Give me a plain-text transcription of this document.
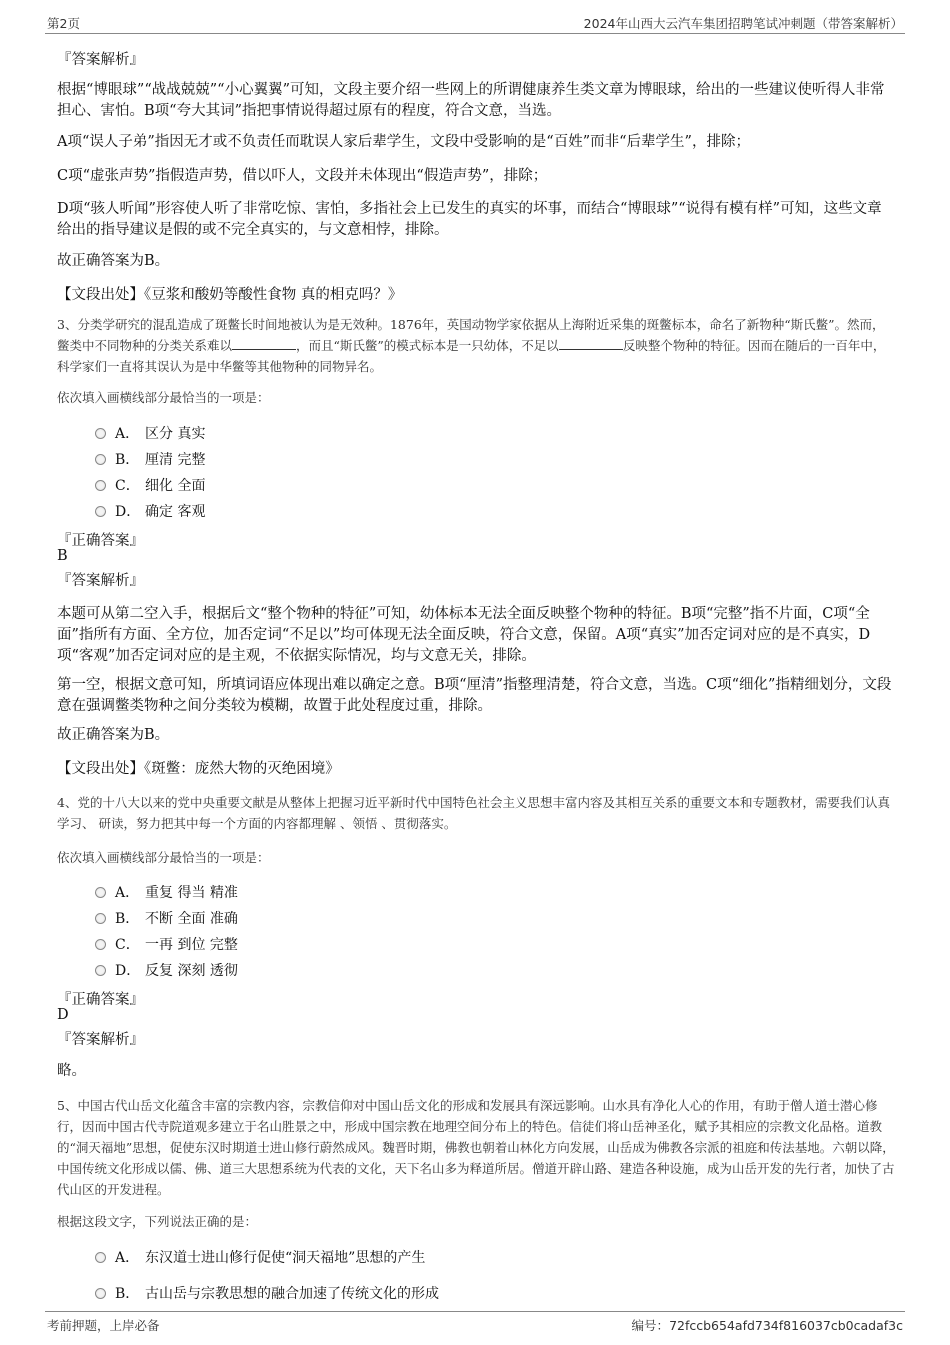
第2页	2024年山西大云汽车集团招聘笔试冲刺题（带答案解析）
『答案解析』
根据“博眼球”“战战兢兢”“小心翼翼”可知，文段主要介绍一些网上的所谓健康养生类文章为博眼球，给出的一些建议使听得人非常担心、害怕。B项“夸大其词”指把事情说得超过原有的程度，符合文意，当选。
A项“误人子弟”指因无才或不负责任而耽误人家后辈学生，文段中受影响的是“百姓”而非“后辈学生”，排除；
C项“虚张声势”指假造声势，借以吓人，文段并未体现出“假造声势”，排除；
D项“骇人听闻”形容使人听了非常吃惊、害怕，多指社会上已发生的真实的坏事，而结合“博眼球”“说得有模有样”可知，这些文章给出的指导建议是假的或不完全真实的，与文意相悖，排除。
故正确答案为B。
【文段出处】《豆浆和酸奶等酸性食物 真的相克吗？》
3、分类学研究的混乱造成了斑鳖长时间地被认为是无效种。1876年，英国动物学家依据从上海附近采集的斑鳖标本，命名了新物种“斯氏鳖”。然而，鳖类中不同物种的分类关系难以	，而且“斯氏鳖”的模式标本是一只幼体，不足以	反映整个物种的特征。因而在随后的一百年中，科学家们一直将其误认为是中华鳖等其他物种的同物异名。
依次填入画横线部分最恰当的一项是：
A． 区分 真实
B． 厘清 完整
C． 细化 全面
D． 确定 客观
『正确答案』
B
『答案解析』
本题可从第二空入手，根据后文“整个物种的特征”可知，幼体标本无法全面反映整个物种的特征。B项“完整”指不片面，C项“全面”指所有方面、全方位，加否定词“不足以”均可体现无法全面反映，符合文意，保留。A项“真实”加否定词对应的是不真实，D项“客观”加否定词对应的是主观，不依据实际情况，均与文意无关，排除。
第一空，根据文意可知，所填词语应体现出难以确定之意。B项“厘清”指整理清楚，符合文意，当选。C项“细化”指精细划分，文段意在强调鳖类物种之间分类较为模糊，故置于此处程度过重，排除。
故正确答案为B。
【文段出处】《斑鳖：庞然大物的灭绝困境》
4、党的十八大以来的党中央重要文献是从整体上把握习近平新时代中国特色社会主义思想丰富内容及其相互关系的重要文本和专题教材，需要我们认真学习、 研读，努力把其中每一个方面的内容都理解 、领悟 、贯彻落实。
依次填入画横线部分最恰当的一项是：
A． 重复 得当 精准
B． 不断 全面 准确
C． 一再 到位 完整
D． 反复 深刻 透彻
『正确答案』
D
『答案解析』
略。
5、中国古代山岳文化蕴含丰富的宗教内容，宗教信仰对中国山岳文化的形成和发展具有深远影响。山水具有净化人心的作用，有助于僧人道士潜心修行，因而中国古代寺院道观多建立于名山胜景之中，形成中国宗教在地理空间分布上的特色。信徒们将山岳神圣化，赋予其相应的宗教文化品格。道教的“洞天福地”思想，促使东汉时期道士进山修行蔚然成风。魏晋时期，佛教也朝着山林化方向发展，山岳成为佛教各宗派的祖庭和传法基地。六朝以降，中国传统文化形成以儒、佛、道三大思想系统为代表的文化，天下名山多为释道所居。僧道开辟山路、建造各种设施，成为山岳开发的先行者，加快了古代山区的开发进程。
根据这段文字，下列说法正确的是：
A． 东汉道士进山修行促使“洞天福地”思想的产生
B． 古山岳与宗教思想的融合加速了传统文化的形成
考前押题，上岸必备	编号：72fccb654afd734f816037cb0cadaf3c
